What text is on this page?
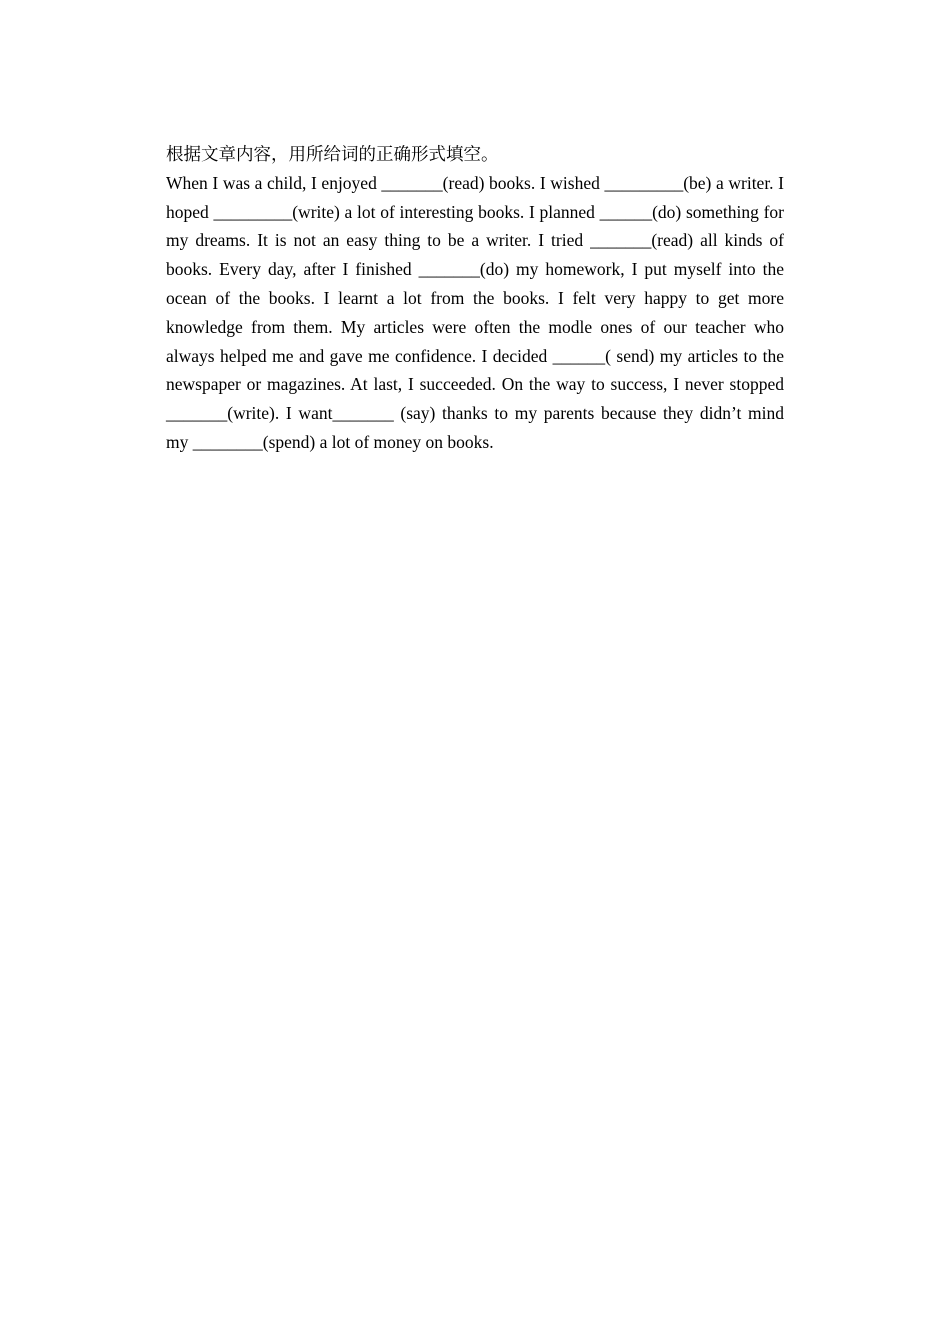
根据文章内容，用所给词的正确形式填空。

When I was a child, I enjoyed _______(read) books. I wished _________(be) a writer. I hoped _________(write) a lot of interesting books. I planned ______(do) something for my dreams. It is not an easy thing to be a writer. I tried _______(read) all kinds of books. Every day, after I finished _______(do) my homework, I put myself into the ocean of the books. I learnt a lot from the books. I felt very happy to get more knowledge from them. My articles were often the modle ones of our teacher who always helped me and gave me confidence. I decided ______( send) my articles to the newspaper or magazines. At last, I succeeded. On the way to success, I never stopped _______(write). I want_______ (say) thanks to my parents because they didn’t mind my ________(spend) a lot of money on books.
